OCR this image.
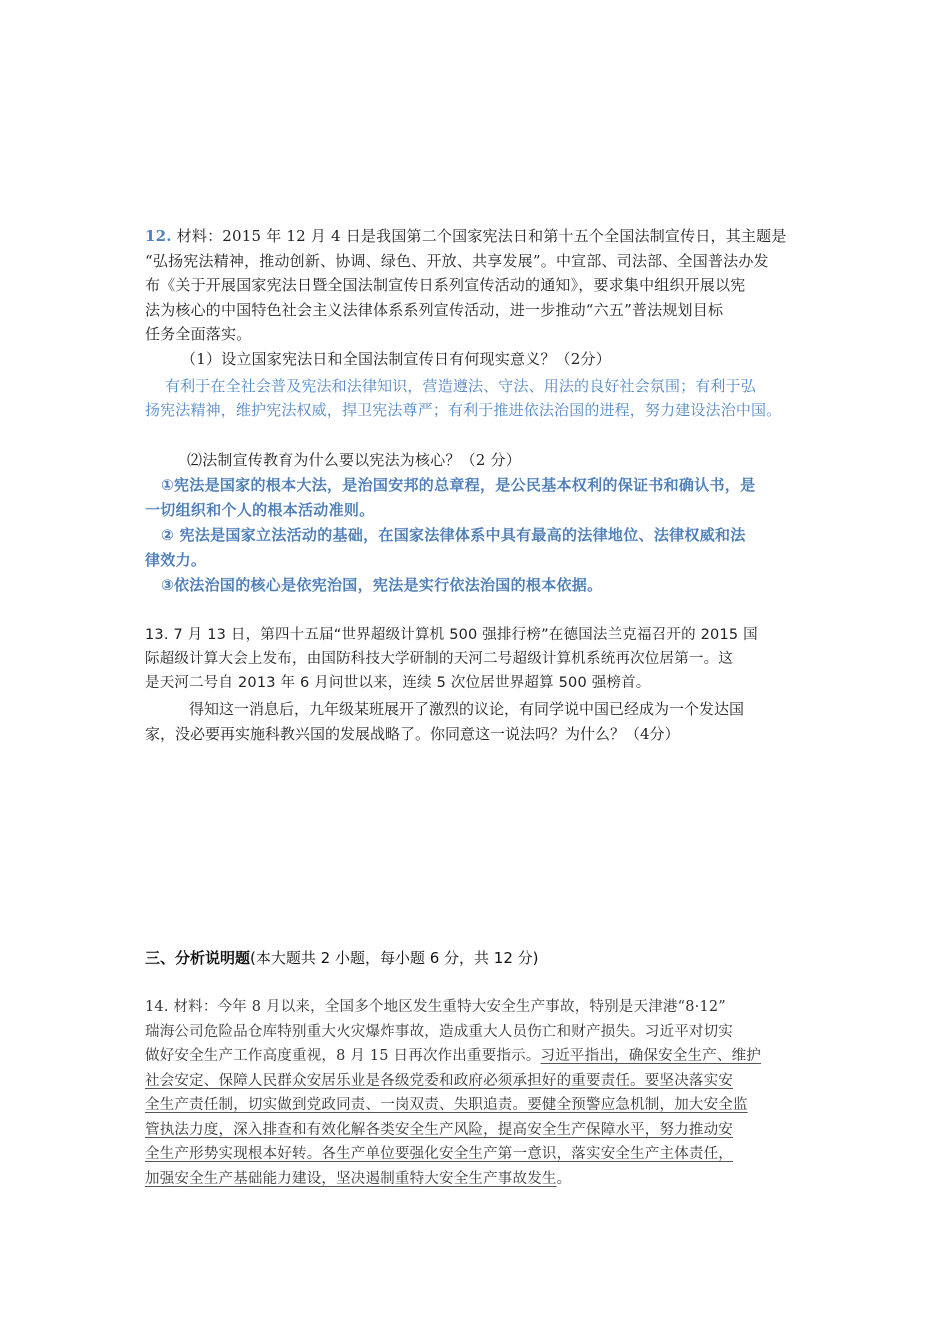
12. 材料：2015 年 12 月 4 日是我国第二个国家宪法日和第十五个全国法制宣传日，其主题是
“弘扬宪法精神，推动创新、协调、绿色、开放、共享发展”。中宣部、司法部、全国普法办发
布《关于开展国家宪法日暨全国法制宣传日系列宣传活动的通知》，要求集中组织开展以宪
法为核心的中国特色社会主义法律体系系列宣传活动，进一步推动“六五”普法规划目标
任务全面落实。
（1）设立国家宪法日和全国法制宣传日有何现实意义？（2分）
有利于在全社会普及宪法和法律知识，营造遵法、守法、用法的良好社会氛围；有利于弘
扬宪法精神，维护宪法权威，捍卫宪法尊严；有利于推进依法治国的进程，努力建设法治中国。
⑵法制宣传教育为什么要以宪法为核心？（2 分）
①宪法是国家的根本大法，是治国安邦的总章程，是公民基本权利的保证书和确认书，是
一切组织和个人的根本活动准则。
② 宪法是国家立法活动的基础，在国家法律体系中具有最高的法律地位、法律权威和法
律效力。
③依法治国的核心是依宪治国，宪法是实行依法治国的根本依据。
13. 7 月 13 日，第四十五届“世界超级计算机 500 强排行榜”在德国法兰克福召开的 2015 国
际超级计算大会上发布，由国防科技大学研制的天河二号超级计算机系统再次位居第一。这
是天河二号自 2013 年 6 月问世以来，连续 5 次位居世界超算 500 强榜首。
得知这一消息后，九年级某班展开了激烈的议论，有同学说中国已经成为一个发达国
家，没必要再实施科教兴国的发展战略了。你同意这一说法吗？为什么？（4分）
三、分析说明题(本大题共 2 小题，每小题 6 分，共 12 分)
14. 材料：今年 8 月以来，全国多个地区发生重特大安全生产事故，特别是天津港“8·12”
瑞海公司危险品仓库特别重大火灾爆炸事故，造成重大人员伤亡和财产损失。习近平对切实
做好安全生产工作高度重视，8 月 15 日再次作出重要指示。习近平指出，确保安全生产、维护
社会安定、保障人民群众安居乐业是各级党委和政府必须承担好的重要责任。要坚决落实安
全生产责任制，切实做到党政同责、一岗双责、失职追责。要健全预警应急机制，加大安全监
管执法力度，深入排查和有效化解各类安全生产风险，提高安全生产保障水平，努力推动安
全生产形势实现根本好转。各生产单位要强化安全生产第一意识，落实安全生产主体责任，
加强安全生产基础能力建设，坚决遏制重特大安全生产事故发生。
